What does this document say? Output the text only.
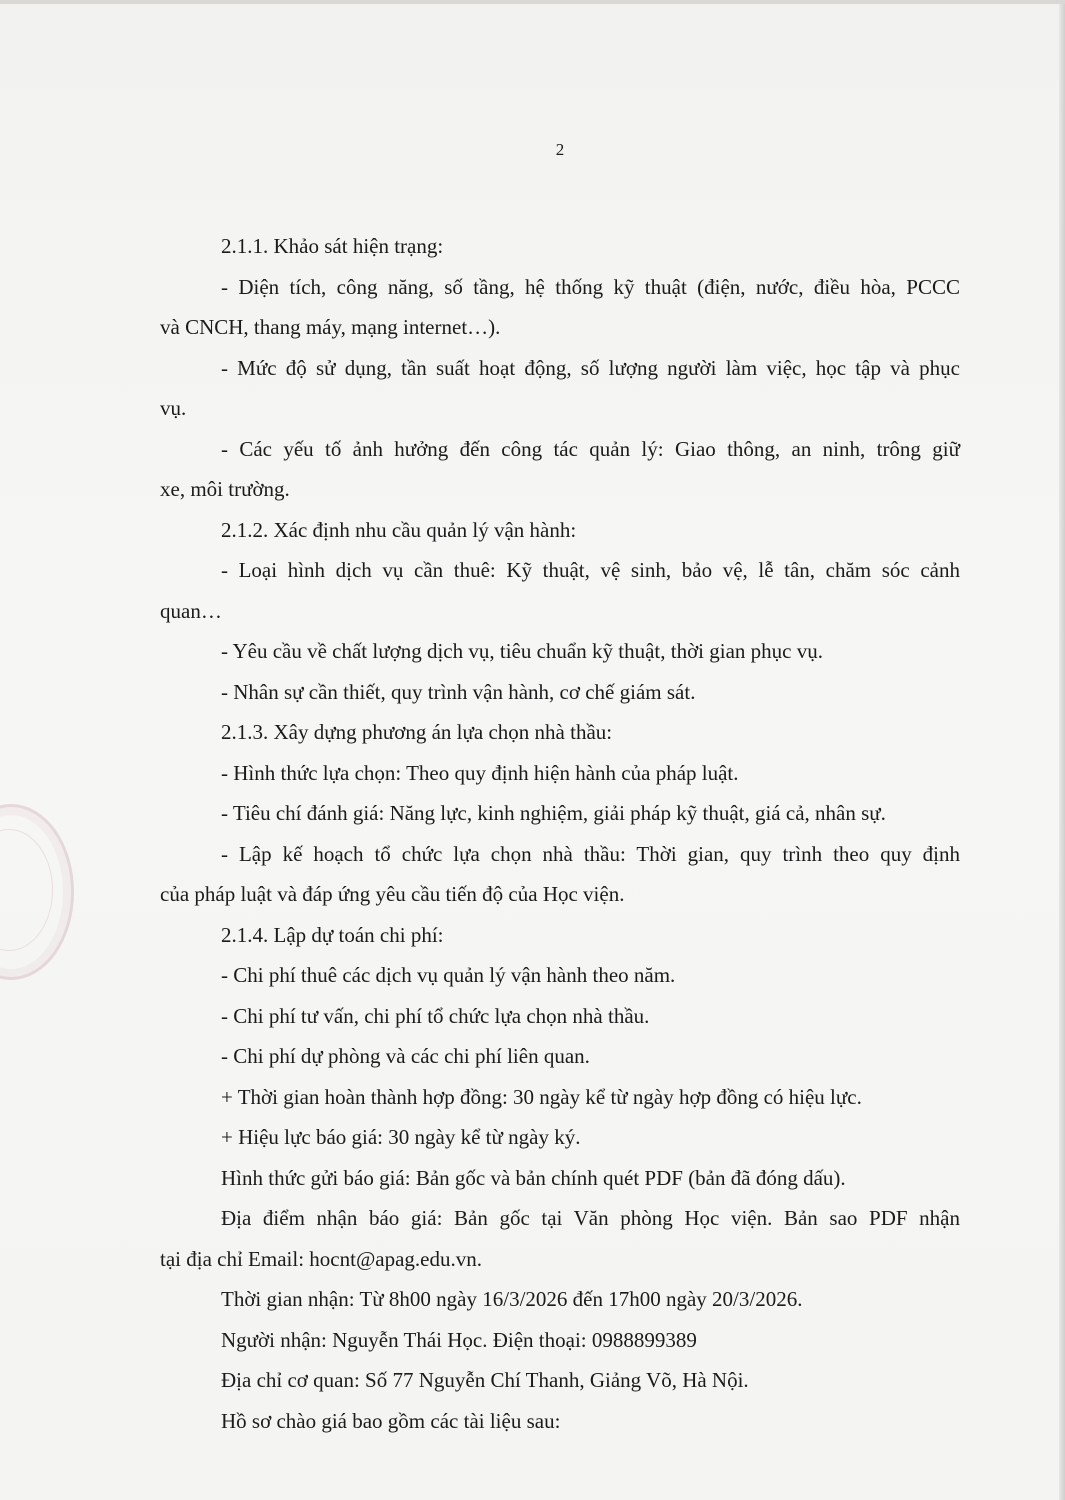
2
2.1.1. Khảo sát hiện trạng:
- Diện tích, công năng, số tầng, hệ thống kỹ thuật (điện, nước, điều hòa, PCCC
và CNCH, thang máy, mạng internet…).
- Mức độ sử dụng, tần suất hoạt động, số lượng người làm việc, học tập và phục
vụ.
- Các yếu tố ảnh hưởng đến công tác quản lý: Giao thông, an ninh, trông giữ
xe, môi trường.
2.1.2. Xác định nhu cầu quản lý vận hành:
- Loại hình dịch vụ cần thuê: Kỹ thuật, vệ sinh, bảo vệ, lễ tân, chăm sóc cảnh
quan…
- Yêu cầu về chất lượng dịch vụ, tiêu chuẩn kỹ thuật, thời gian phục vụ.
- Nhân sự cần thiết, quy trình vận hành, cơ chế giám sát.
2.1.3. Xây dựng phương án lựa chọn nhà thầu:
- Hình thức lựa chọn: Theo quy định hiện hành của pháp luật.
- Tiêu chí đánh giá: Năng lực, kinh nghiệm, giải pháp kỹ thuật, giá cả, nhân sự.
- Lập kế hoạch tổ chức lựa chọn nhà thầu: Thời gian, quy trình theo quy định
của pháp luật và đáp ứng yêu cầu tiến độ của Học viện.
2.1.4. Lập dự toán chi phí:
- Chi phí thuê các dịch vụ quản lý vận hành theo năm.
- Chi phí tư vấn, chi phí tổ chức lựa chọn nhà thầu.
- Chi phí dự phòng và các chi phí liên quan.
+ Thời gian hoàn thành hợp đồng: 30 ngày kể từ ngày hợp đồng có hiệu lực.
+ Hiệu lực báo giá: 30 ngày kể từ ngày ký.
Hình thức gửi báo giá: Bản gốc và bản chính quét PDF (bản đã đóng dấu).
Địa điểm nhận báo giá: Bản gốc tại Văn phòng Học viện. Bản sao PDF nhận
tại địa chỉ Email: hocnt@apag.edu.vn.
Thời gian nhận: Từ 8h00 ngày 16/3/2026 đến 17h00 ngày 20/3/2026.
Người nhận: Nguyễn Thái Học. Điện thoại: 0988899389
Địa chỉ cơ quan: Số 77 Nguyễn Chí Thanh, Giảng Võ, Hà Nội.
Hồ sơ chào giá bao gồm các tài liệu sau:
